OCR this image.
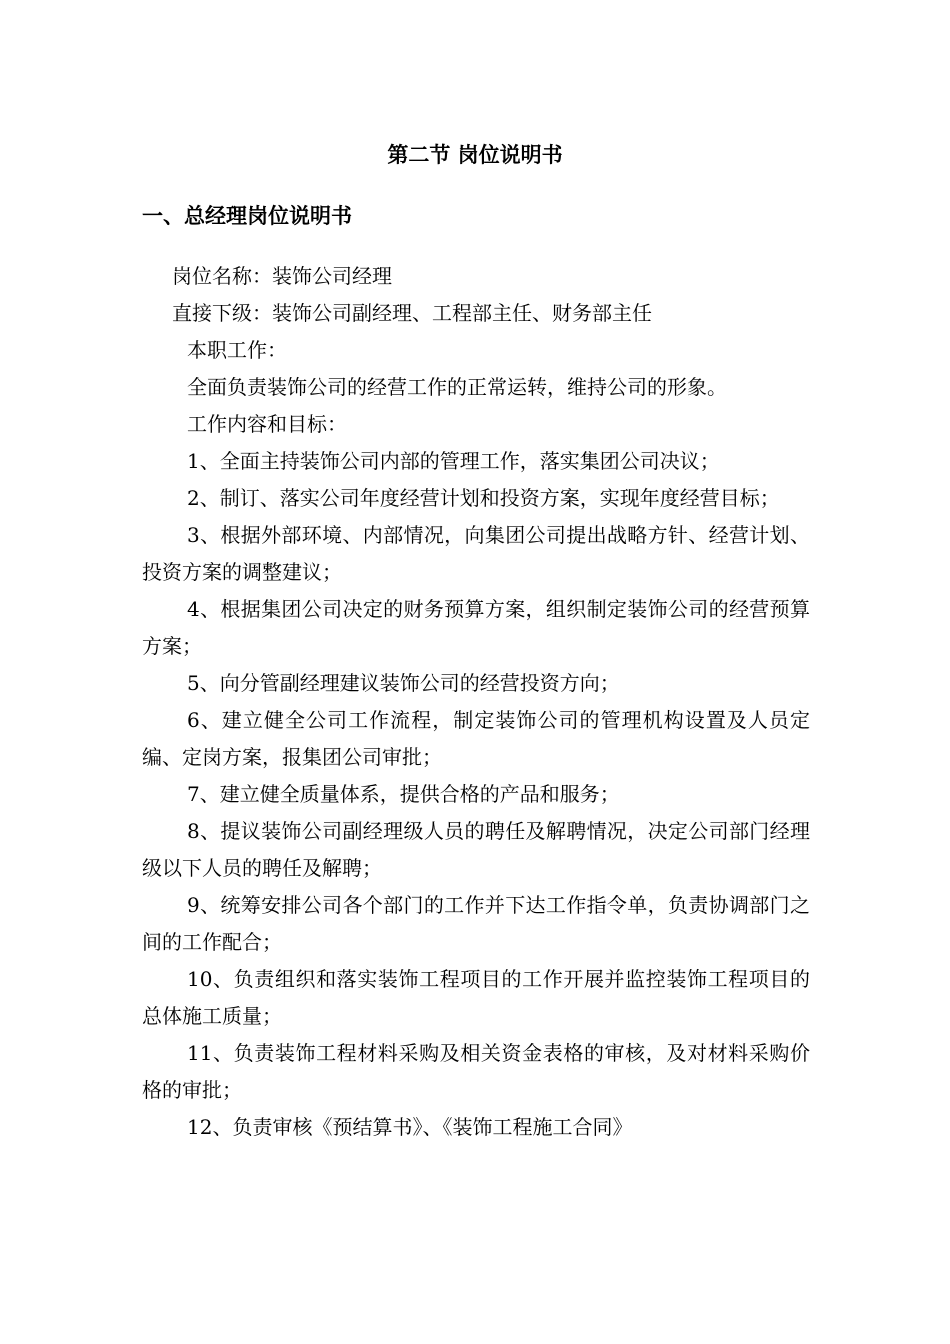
第二节 岗位说明书
一、总经理岗位说明书

岗位名称：装饰公司经理

直接下级：装饰公司副经理、工程部主任、财务部主任

本职工作：

全面负责装饰公司的经营工作的正常运转，维持公司的形象。

工作内容和目标：

1、全面主持装饰公司内部的管理工作，落实集团公司决议；

2、制订、落实公司年度经营计划和投资方案，实现年度经营目标；

3、根据外部环境、内部情况，向集团公司提出战略方针、经营计划、投资方案的调整建议；

4、根据集团公司决定的财务预算方案，组织制定装饰公司的经营预算方案；

5、向分管副经理建议装饰公司的经营投资方向；

6、建立健全公司工作流程，制定装饰公司的管理机构设置及人员定编、定岗方案，报集团公司审批；

7、建立健全质量体系，提供合格的产品和服务；

8、提议装饰公司副经理级人员的聘任及解聘情况，决定公司部门经理级以下人员的聘任及解聘；

9、统筹安排公司各个部门的工作并下达工作指令单，负责协调部门之间的工作配合；

10、负责组织和落实装饰工程项目的工作开展并监控装饰工程项目的总体施工质量；

11、负责装饰工程材料采购及相关资金表格的审核，及对材料采购价格的审批；

12、负责审核《预结算书》、《装饰工程施工合同》
